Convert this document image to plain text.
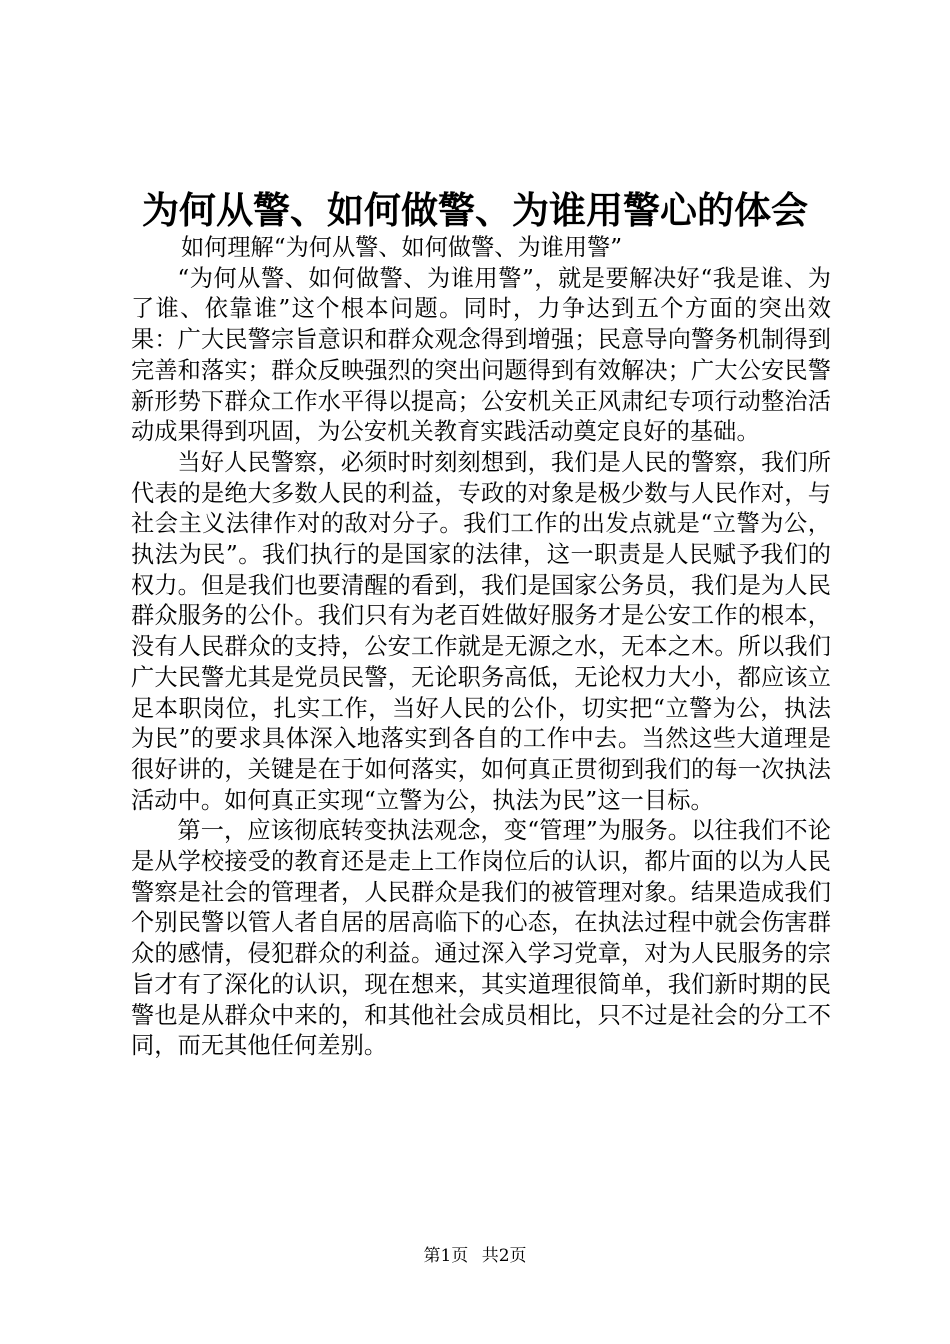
为何从警、如何做警、为谁用警心的体会

如何理解“为何从警、如何做警、为谁用警”

“为何从警、如何做警、为谁用警”，就是要解决好“我是谁、为了谁、依靠谁”这个根本问题。同时，力争达到五个方面的突出效果：广大民警宗旨意识和群众观念得到增强；民意导向警务机制得到完善和落实；群众反映强烈的突出问题得到有效解决；广大公安民警新形势下群众工作水平得以提高；公安机关正风肃纪专项行动整治活动成果得到巩固，为公安机关教育实践活动奠定良好的基础。

当好人民警察，必须时时刻刻想到，我们是人民的警察，我们所代表的是绝大多数人民的利益，专政的对象是极少数与人民作对，与社会主义法律作对的敌对分子。我们工作的出发点就是“立警为公，执法为民”。我们执行的是国家的法律，这一职责是人民赋予我们的权力。但是我们也要清醒的看到，我们是国家公务员，我们是为人民群众服务的公仆。我们只有为老百姓做好服务才是公安工作的根本，没有人民群众的支持，公安工作就是无源之水，无本之木。所以我们广大民警尤其是党员民警，无论职务高低，无论权力大小，都应该立足本职岗位，扎实工作，当好人民的公仆，切实把“立警为公，执法为民”的要求具体深入地落实到各自的工作中去。当然这些大道理是很好讲的，关键是在于如何落实，如何真正贯彻到我们的每一次执法活动中。如何真正实现“立警为公，执法为民”这一目标。

第一，应该彻底转变执法观念，变“管理”为服务。以往我们不论是从学校接受的教育还是走上工作岗位后的认识，都片面的以为人民警察是社会的管理者，人民群众是我们的被管理对象。结果造成我们个别民警以管人者自居的居高临下的心态，在执法过程中就会伤害群众的感情，侵犯群众的利益。通过深入学习党章，对为人民服务的宗旨才有了深化的认识，现在想来，其实道理很简单，我们新时期的民警也是从群众中来的，和其他社会成员相比，只不过是社会的分工不同，而无其他任何差别。

第1页 共2页
